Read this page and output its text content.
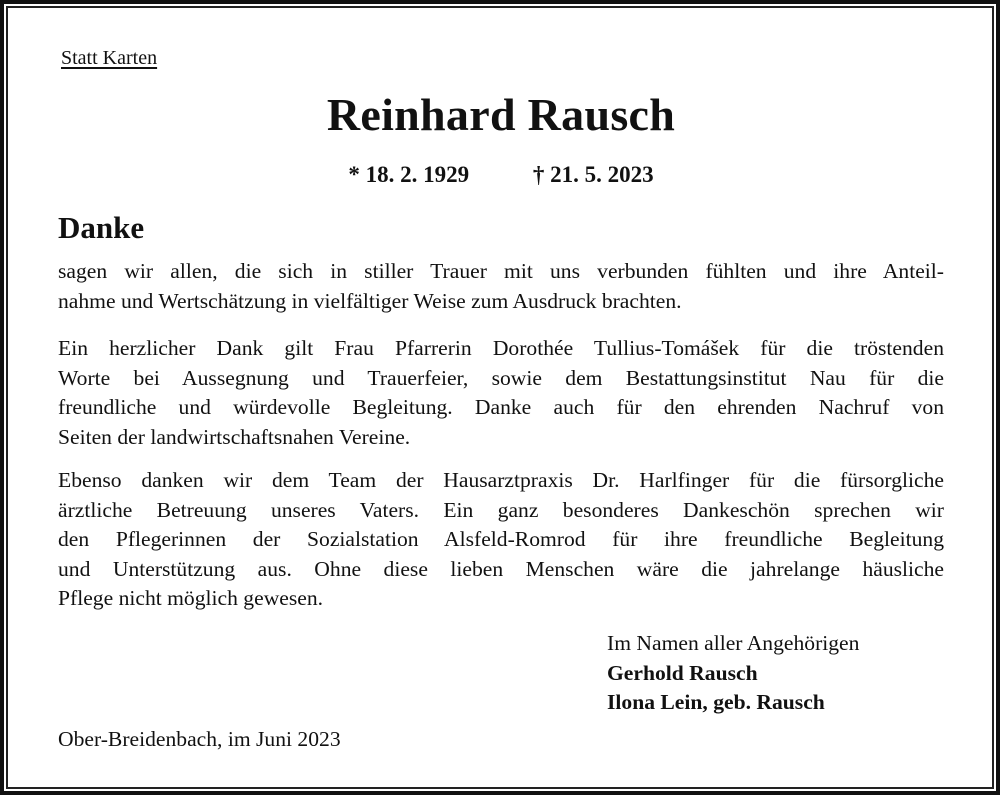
Statt Karten
Reinhard Rausch
* 18. 2. 1929	† 21. 5. 2023
Danke
sagen wir allen, die sich in stiller Trauer mit uns verbunden fühlten und ihre Anteil-
nahme und Wertschätzung in vielfältiger Weise zum Ausdruck brachten.
Ein herzlicher Dank gilt Frau Pfarrerin Dorothée Tullius-Tomášek für die tröstenden
Worte bei Aussegnung und Trauerfeier, sowie dem Bestattungsinstitut Nau für die
freundliche und würdevolle Begleitung. Danke auch für den ehrenden Nachruf von
Seiten der landwirtschaftsnahen Vereine.
Ebenso danken wir dem Team der Hausarztpraxis Dr. Harlfinger für die fürsorgliche
ärztliche Betreuung unseres Vaters. Ein ganz besonderes Dankeschön sprechen wir
den Pflegerinnen der Sozialstation Alsfeld-Romrod für ihre freundliche Begleitung
und Unterstützung aus. Ohne diese lieben Menschen wäre die jahrelange häusliche
Pflege nicht möglich gewesen.
Im Namen aller Angehörigen
Gerhold Rausch
Ilona Lein, geb. Rausch
Ober-Breidenbach, im Juni 2023
